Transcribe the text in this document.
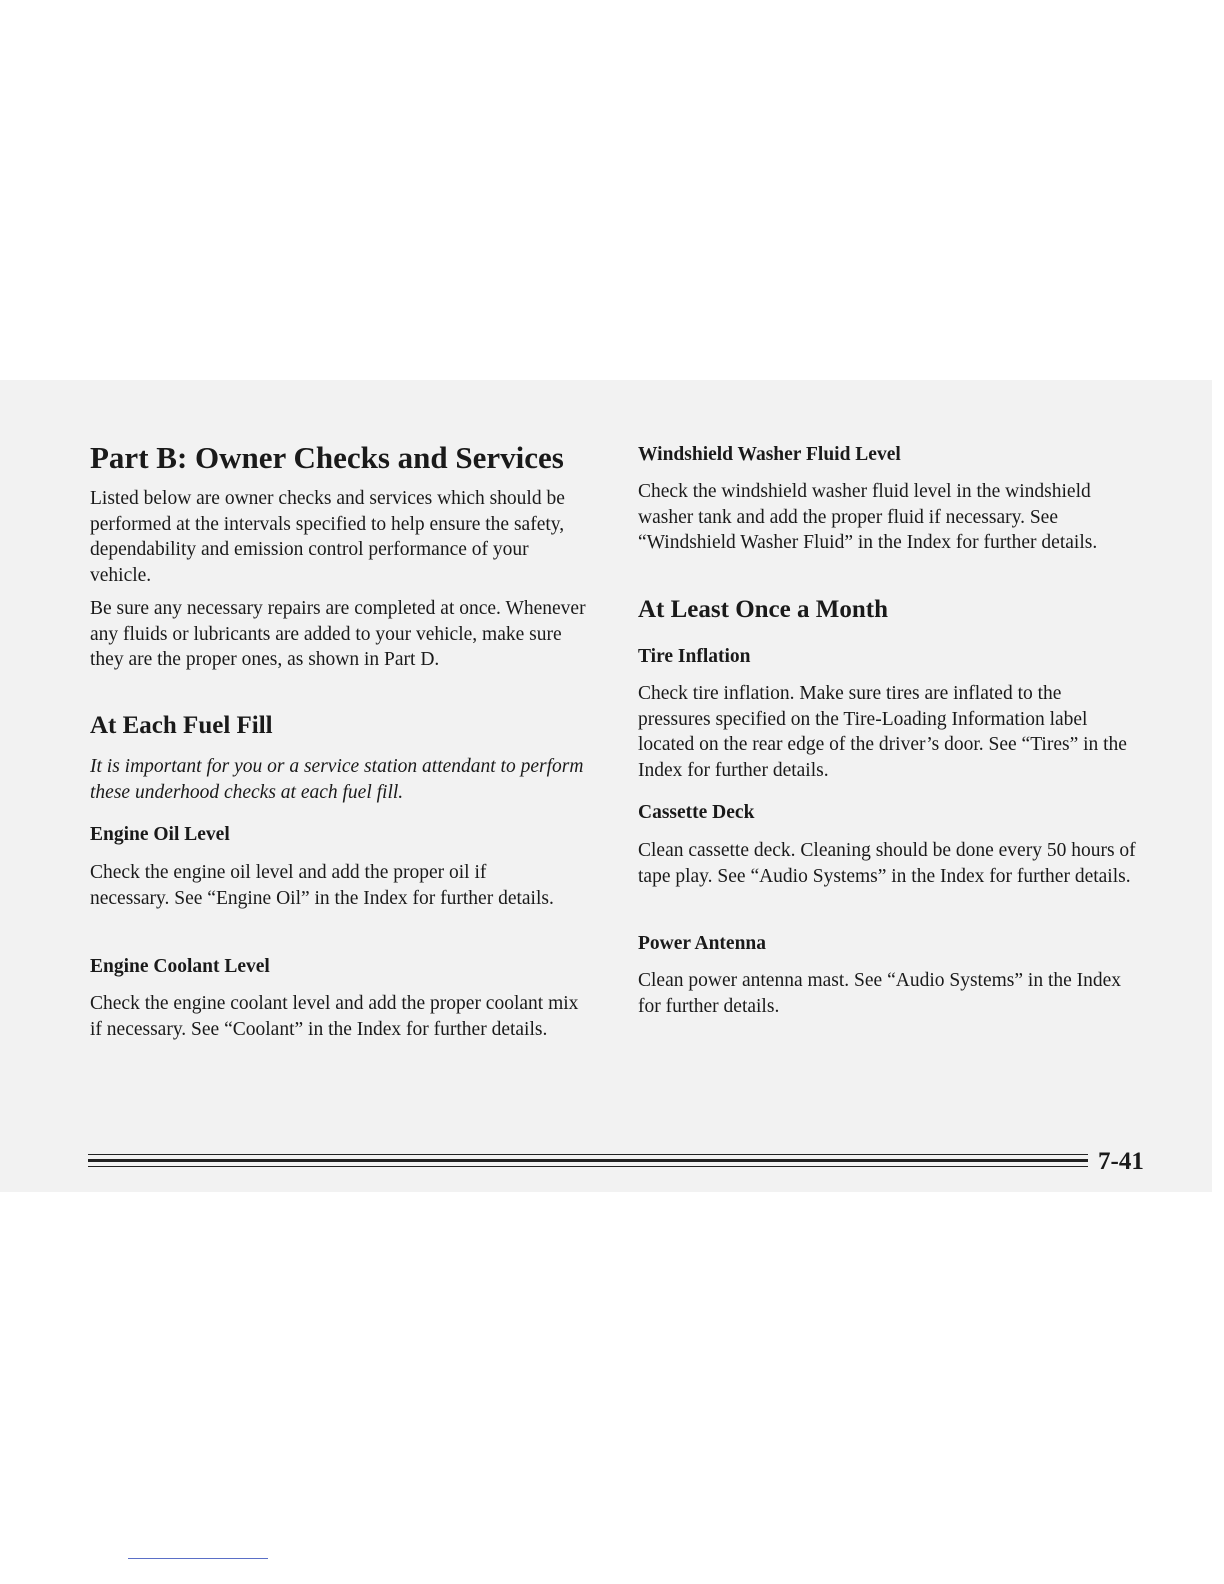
Part B: Owner Checks and Services

Listed below are owner checks and services which should be performed at the intervals specified to help ensure the safety, dependability and emission control performance of your vehicle.

Be sure any necessary repairs are completed at once. Whenever any fluids or lubricants are added to your vehicle, make sure they are the proper ones, as shown in Part D.

At Each Fuel Fill

It is important for you or a service station attendant to perform these underhood checks at each fuel fill.

Engine Oil Level

Check the engine oil level and add the proper oil if necessary. See “Engine Oil” in the Index for further details.

Engine Coolant Level

Check the engine coolant level and add the proper coolant mix if necessary. See “Coolant” in the Index for further details.

Windshield Washer Fluid Level

Check the windshield washer fluid level in the windshield washer tank and add the proper fluid if necessary. See “Windshield Washer Fluid” in the Index for further details.

At Least Once a Month
Tire Inflation

Check tire inflation. Make sure tires are inflated to the pressures specified on the Tire-Loading Information label located on the rear edge of the driver’s door. See “Tires” in the Index for further details.

Cassette Deck

Clean cassette deck. Cleaning should be done every 50 hours of tape play. See “Audio Systems” in the Index for further details.

Power Antenna

Clean power antenna mast. See “Audio Systems” in the Index for further details.

7-41
